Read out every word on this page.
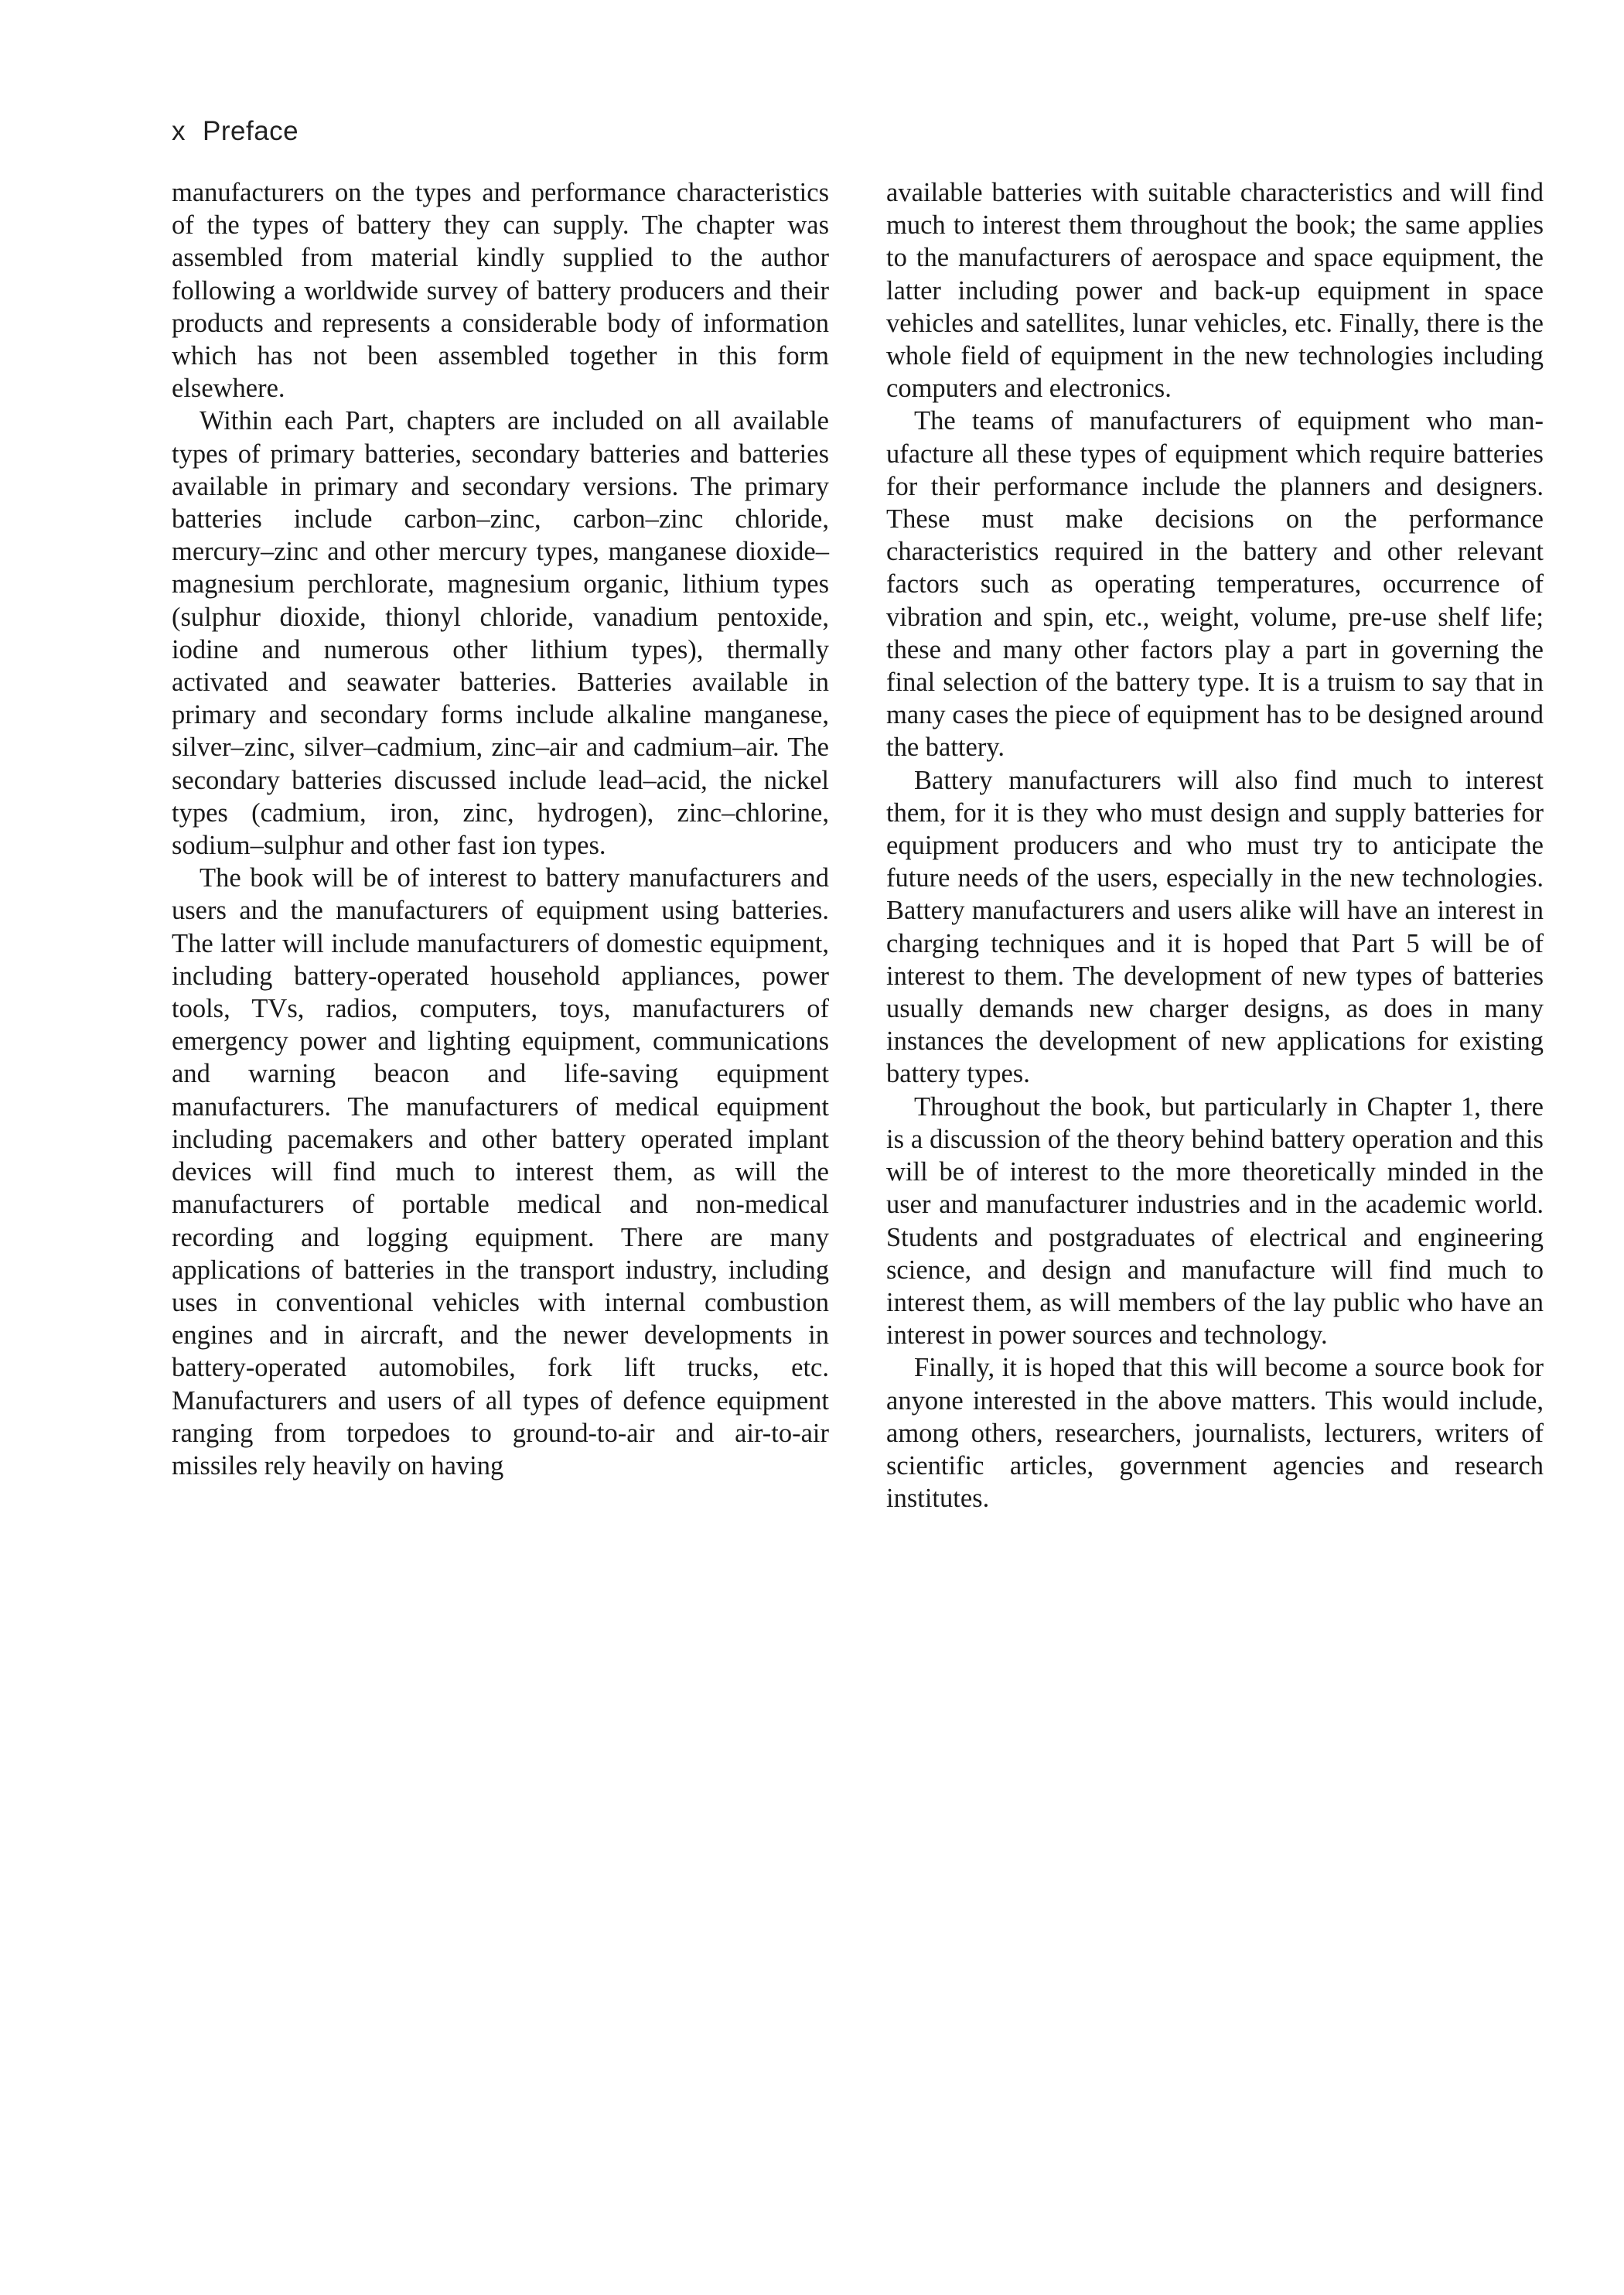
x Preface

manufacturers on the types and performance characteristics of the types of battery they can supply. The chapter was assembled from material kindly supplied to the author following a worldwide survey of battery producers and their products and represents a considerable body of information which has not been assembled together in this form elsewhere.

Within each Part, chapters are included on all available types of primary batteries, secondary batteries and batteries available in primary and secondary versions. The primary batteries include carbon–zinc, carbon–zinc chloride, mercury–zinc and other mercury types, manganese dioxide–magnesium perchlorate, magnesium organic, lithium types (sulphur dioxide, thionyl chloride, vanadium pentoxide, iodine and numerous other lithium types), thermally activated and seawater batteries. Batteries available in primary and secondary forms include alkaline manganese, silver–zinc, silver–cadmium, zinc–air and cadmium–air. The secondary batteries discussed include lead–acid, the nickel types (cadmium, iron, zinc, hydrogen), zinc–chlorine, sodium–sulphur and other fast ion types.

The book will be of interest to battery manufacturers and users and the manufacturers of equipment using batteries. The latter will include manufacturers of domestic equipment, including battery-operated household appliances, power tools, TVs, radios, computers, toys, manufacturers of emergency power and lighting equipment, communications and warning beacon and life-saving equipment manufacturers. The manufacturers of medical equipment including pacemakers and other battery operated implant devices will find much to interest them, as will the manufacturers of portable medical and non-medical recording and logging equipment. There are many applications of batteries in the transport industry, including uses in conventional vehicles with internal combustion engines and in aircraft, and the newer developments in battery-operated automobiles, fork lift trucks, etc. Manufacturers and users of all types of defence equipment ranging from torpedoes to ground-to-air and air-to-air missiles rely heavily on having

available batteries with suitable characteristics and will find much to interest them throughout the book; the same applies to the manufacturers of aerospace and space equipment, the latter including power and back-up equipment in space vehicles and satellites, lunar vehicles, etc. Finally, there is the whole field of equipment in the new technologies including computers and electronics.

The teams of manufacturers of equipment who manufacture all these types of equipment which require batteries for their performance include the planners and designers. These must make decisions on the performance characteristics required in the battery and other relevant factors such as operating temperatures, occurrence of vibration and spin, etc., weight, volume, pre-use shelf life; these and many other factors play a part in governing the final selection of the battery type. It is a truism to say that in many cases the piece of equipment has to be designed around the battery.

Battery manufacturers will also find much to interest them, for it is they who must design and supply batteries for equipment producers and who must try to anticipate the future needs of the users, especially in the new technologies. Battery manufacturers and users alike will have an interest in charging techniques and it is hoped that Part 5 will be of interest to them. The development of new types of batteries usually demands new charger designs, as does in many instances the development of new applications for existing battery types.

Throughout the book, but particularly in Chapter 1, there is a discussion of the theory behind battery operation and this will be of interest to the more theoretically minded in the user and manufacturer industries and in the academic world. Students and postgraduates of electrical and engineering science, and design and manufacture will find much to interest them, as will members of the lay public who have an interest in power sources and technology.

Finally, it is hoped that this will become a source book for anyone interested in the above matters. This would include, among others, researchers, journalists, lecturers, writers of scientific articles, government agencies and research institutes.
